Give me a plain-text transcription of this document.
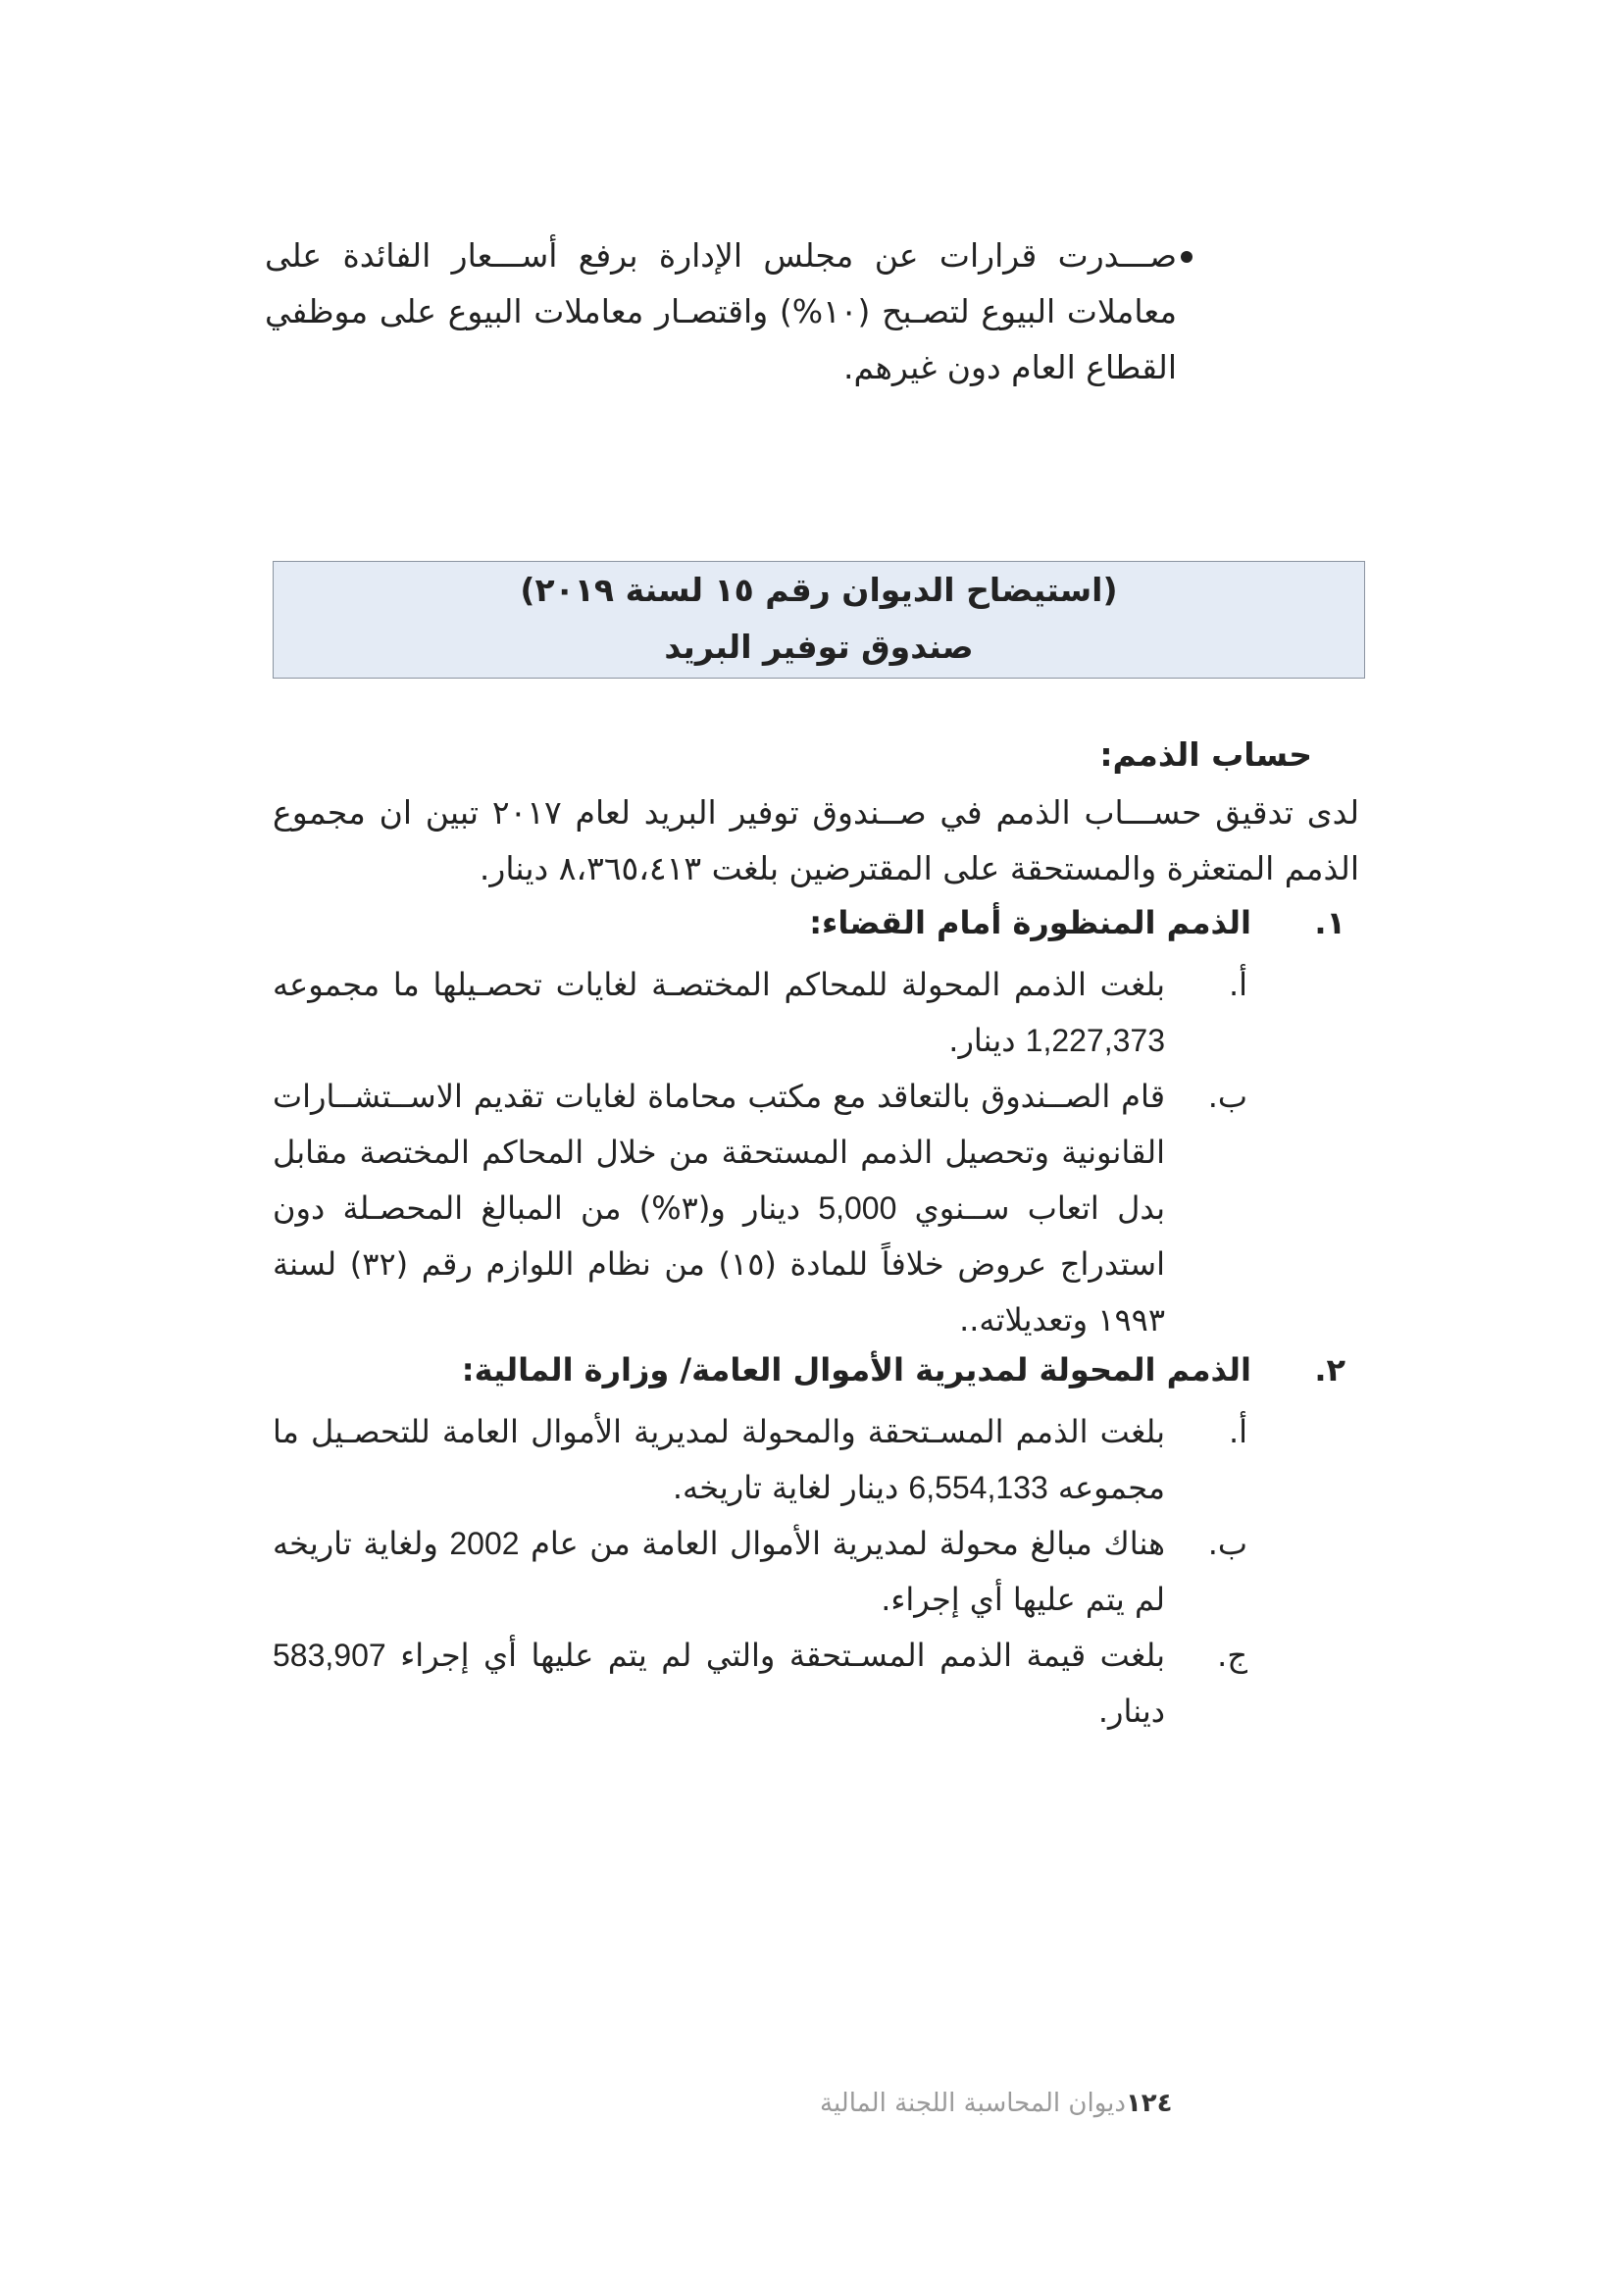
صـــدرت قرارات عن مجلس الإدارة برفع أســـعار الفائدة على معاملات البيوع لتصـبح (١٠%) واقتصـار معاملات البيوع على موظفي القطاع العام دون غيرهم.
(استيضاح الديوان رقم ١٥ لسنة ٢٠١٩)
صندوق توفير البريد
حساب الذمم:
لدى تدقيق حســـاب الذمم في صــندوق توفير البريد لعام ٢٠١٧ تبين ان مجموع الذمم المتعثرة والمستحقة على المقترضين بلغت ٨،٣٦٥،٤١٣ دينار.
١.
الذمم المنظورة أمام القضاء:
أ.
بلغت الذمم المحولة للمحاكم المختصـة لغايات تحصـيلها ما مجموعه 1,227,373 دينار.
ب.
قام الصــندوق بالتعاقد مع مكتب محاماة لغايات تقديم الاســتشــارات القانونية وتحصيل الذمم المستحقة من خلال المحاكم المختصة مقابل بدل اتعاب ســنوي 5,000 دينار و(٣%) من المبالغ المحصـلة دون استدراج عروض خلافاً للمادة (١٥) من نظام اللوازم رقم (٣٢) لسنة ١٩٩٣ وتعديلاته..
٢.
الذمم المحولة لمديرية الأموال العامة/ وزارة المالية:
أ.
بلغت الذمم المسـتحقة والمحولة لمديرية الأموال العامة للتحصـيل ما مجموعه 6,554,133 دينار لغاية تاريخه.
ب.
هناك مبالغ محولة لمديرية الأموال العامة من عام 2002 ولغاية تاريخه لم يتم عليها أي إجراء.
ج.
بلغت قيمة الذمم المسـتحقة والتي لم يتم عليها أي إجراء 583,907 دينار.
١٢٤ديوان المحاسبة اللجنة المالية
